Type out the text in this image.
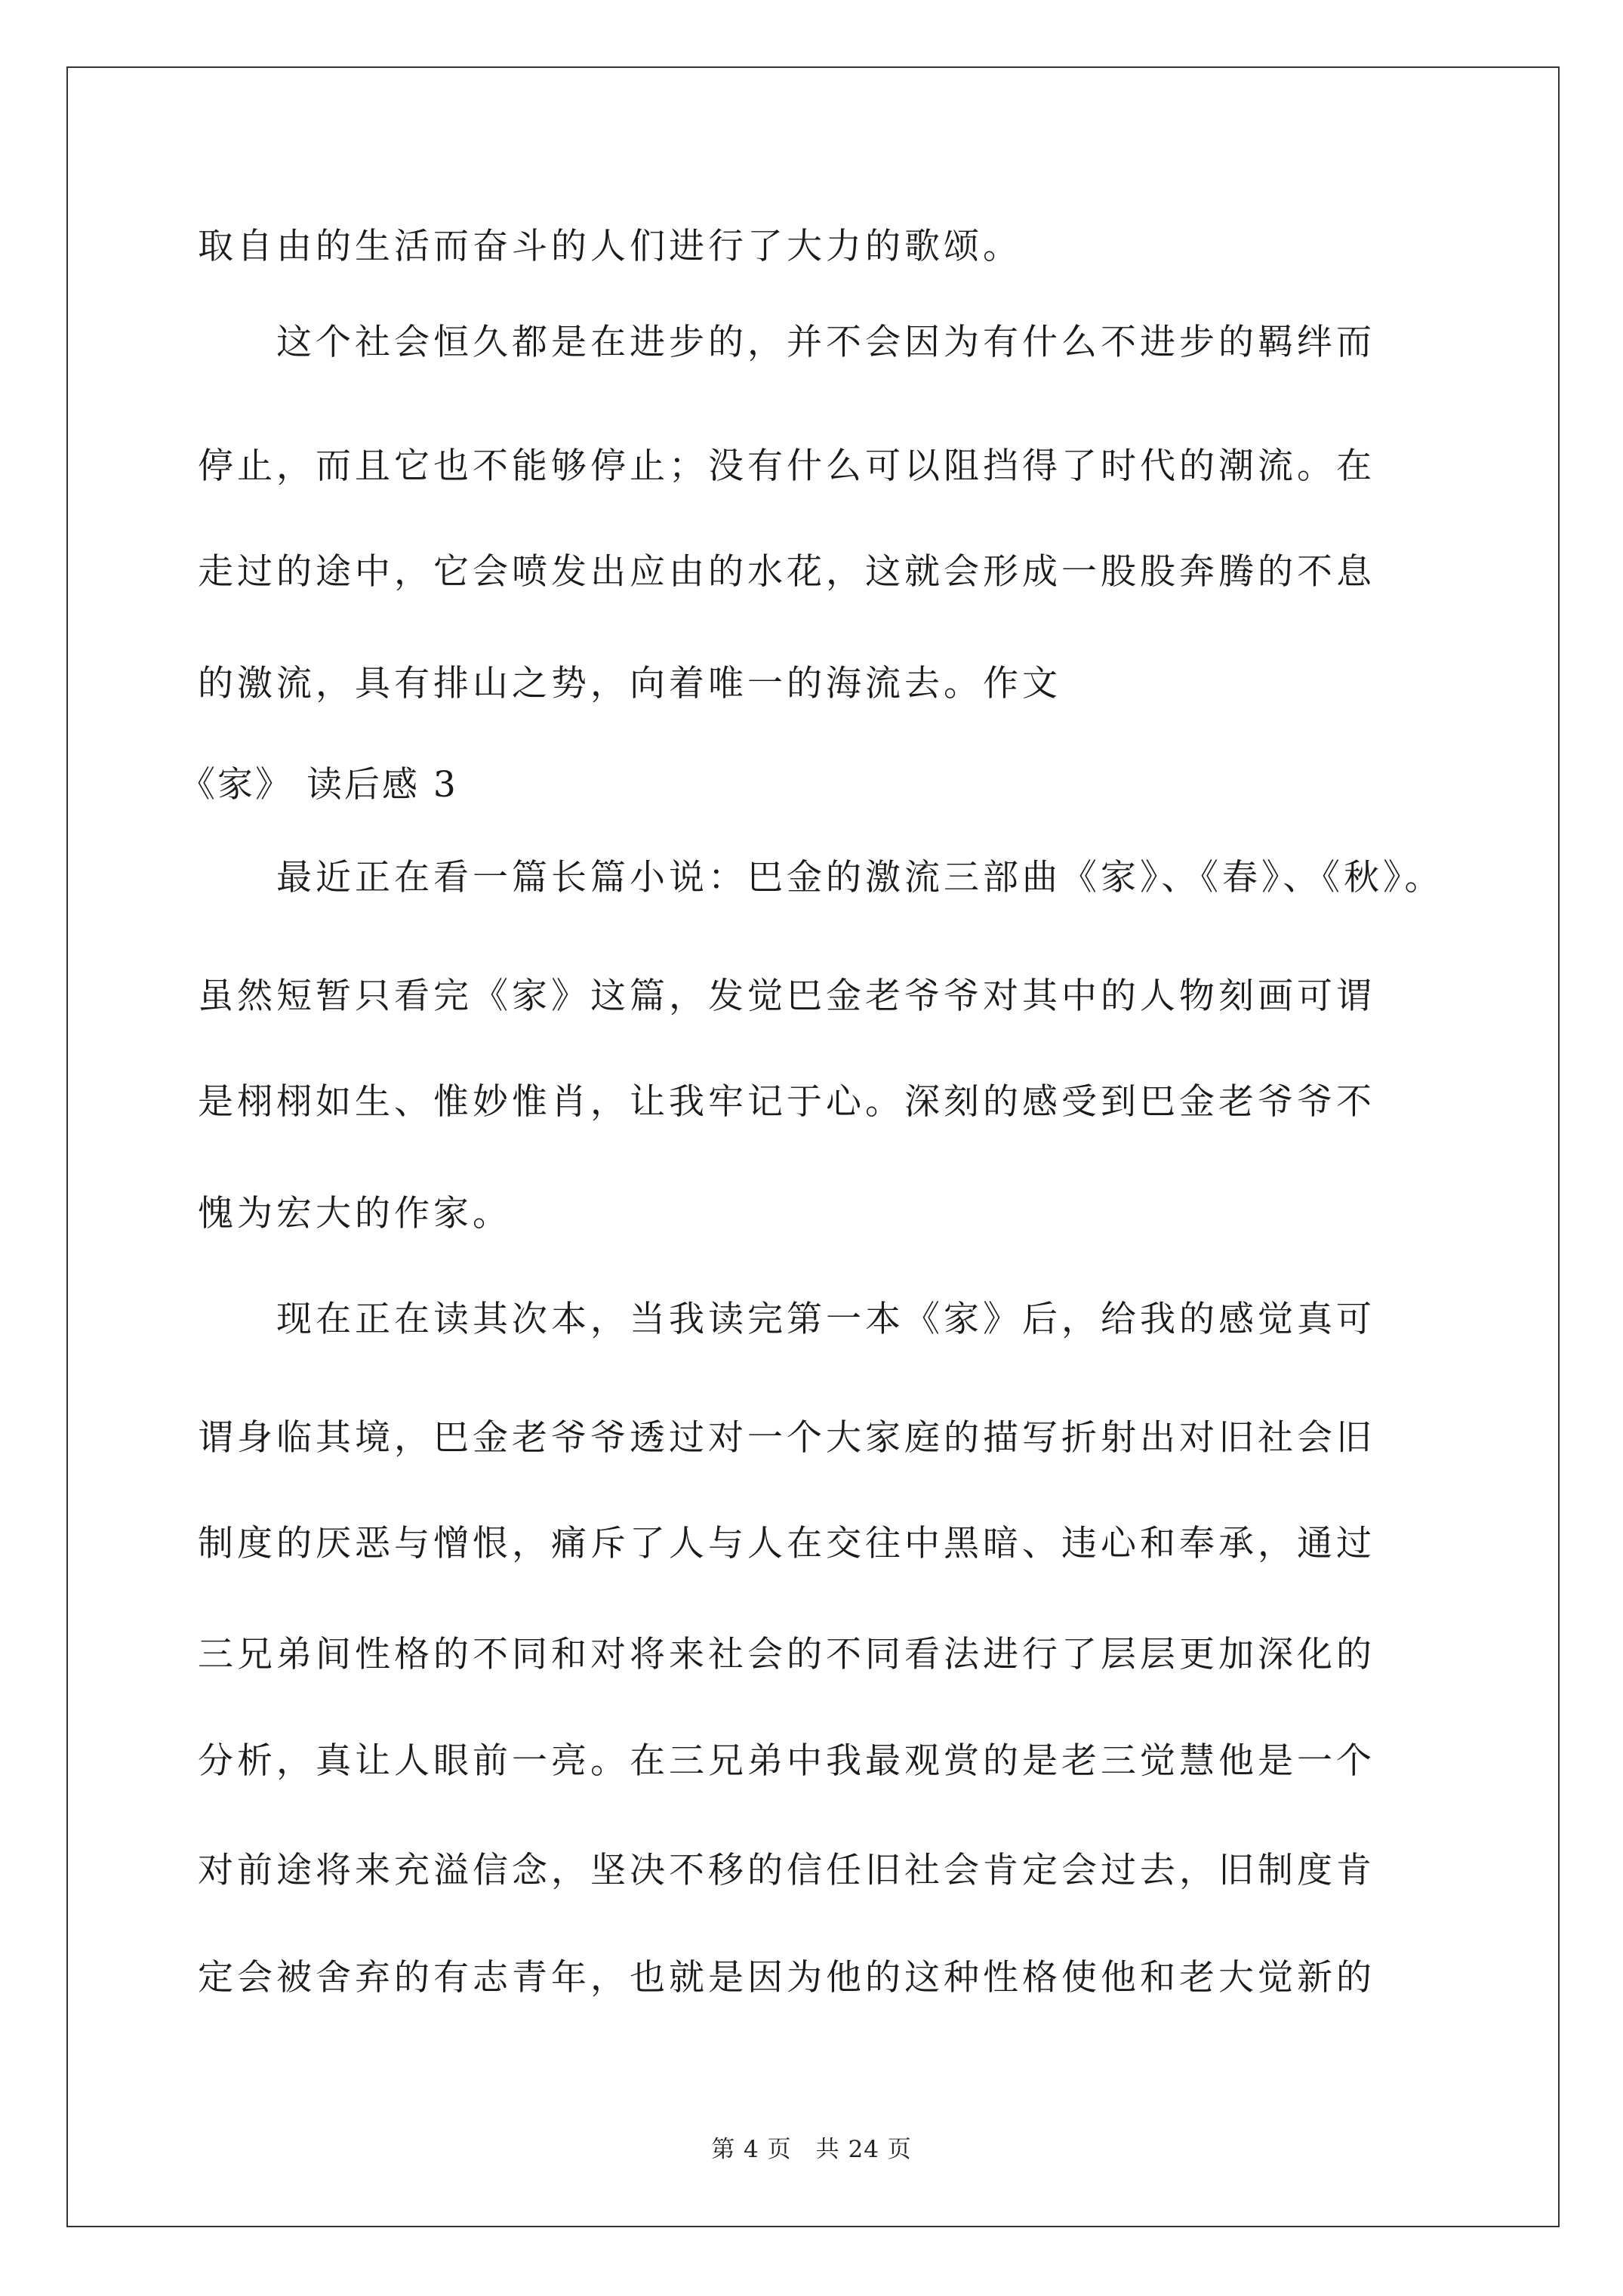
取自由的生活而奋斗的人们进行了大力的歌颂。
　　这个社会恒久都是在进步的，并不会因为有什么不进步的羁绊而
停止，而且它也不能够停止；没有什么可以阻挡得了时代的潮流。在
走过的途中，它会喷发出应由的水花，这就会形成一股股奔腾的不息
的激流，具有排山之势，向着唯一的海流去。作文
《家》 读后感 3
　　最近正在看一篇长篇小说：巴金的激流三部曲《家》、《春》、《秋》。
虽然短暂只看完《家》这篇，发觉巴金老爷爷对其中的人物刻画可谓
是栩栩如生、惟妙惟肖，让我牢记于心。深刻的感受到巴金老爷爷不
愧为宏大的作家。
　　现在正在读其次本，当我读完第一本《家》后，给我的感觉真可
谓身临其境，巴金老爷爷透过对一个大家庭的描写折射出对旧社会旧
制度的厌恶与憎恨，痛斥了人与人在交往中黑暗、违心和奉承，通过
三兄弟间性格的不同和对将来社会的不同看法进行了层层更加深化的
分析，真让人眼前一亮。在三兄弟中我最观赏的是老三觉慧他是一个
对前途将来充溢信念，坚决不移的信任旧社会肯定会过去，旧制度肯
定会被舍弃的有志青年，也就是因为他的这种性格使他和老大觉新的
第 4 页　共 24 页
